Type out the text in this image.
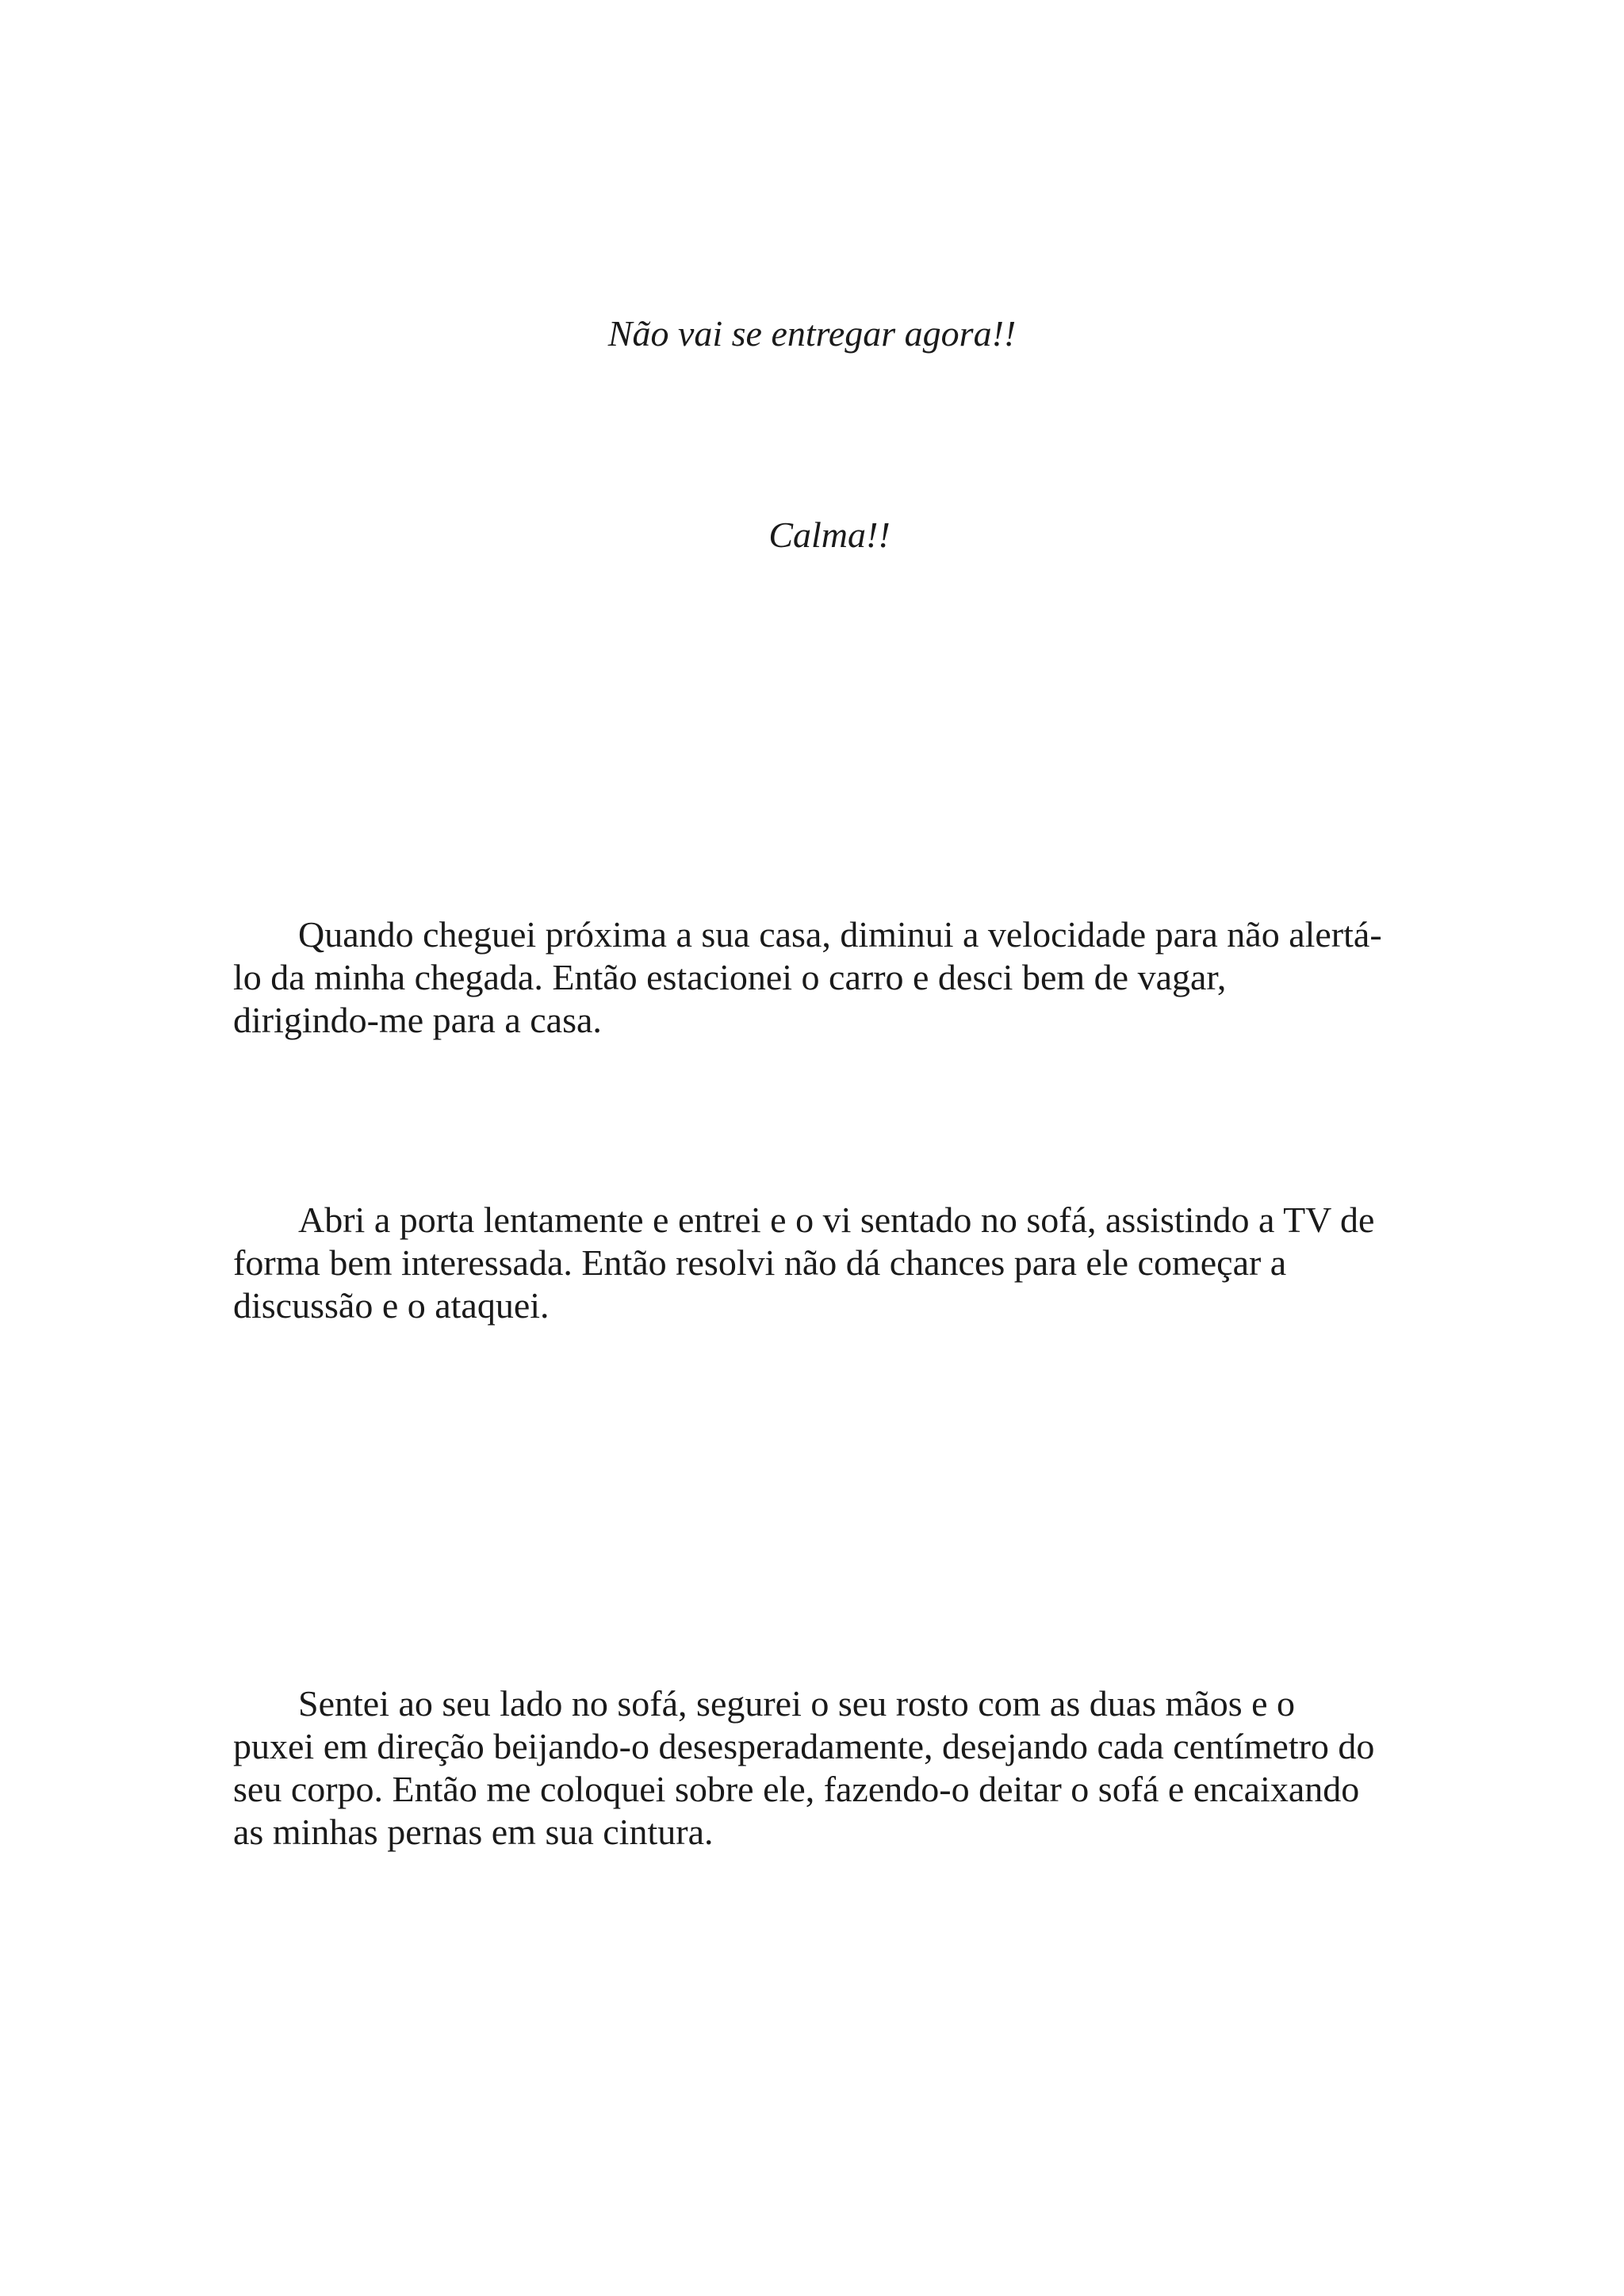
Não vai se entregar agora!!

Calma!!

Quando cheguei próxima a sua casa, diminui a velocidade para não alertá-
lo da minha chegada. Então estacionei o carro e desci bem de vagar,
dirigindo-me para a casa.

Abri a porta lentamente e entrei e o vi sentado no sofá, assistindo a TV de
forma bem interessada. Então resolvi não dá chances para ele começar a
discussão e o ataquei.

Sentei ao seu lado no sofá, segurei o seu rosto com as duas mãos e o
puxei em direção beijando-o desesperadamente, desejando cada centímetro do
seu corpo. Então me coloquei sobre ele, fazendo-o deitar o sofá e encaixando
as minhas pernas em sua cintura.
